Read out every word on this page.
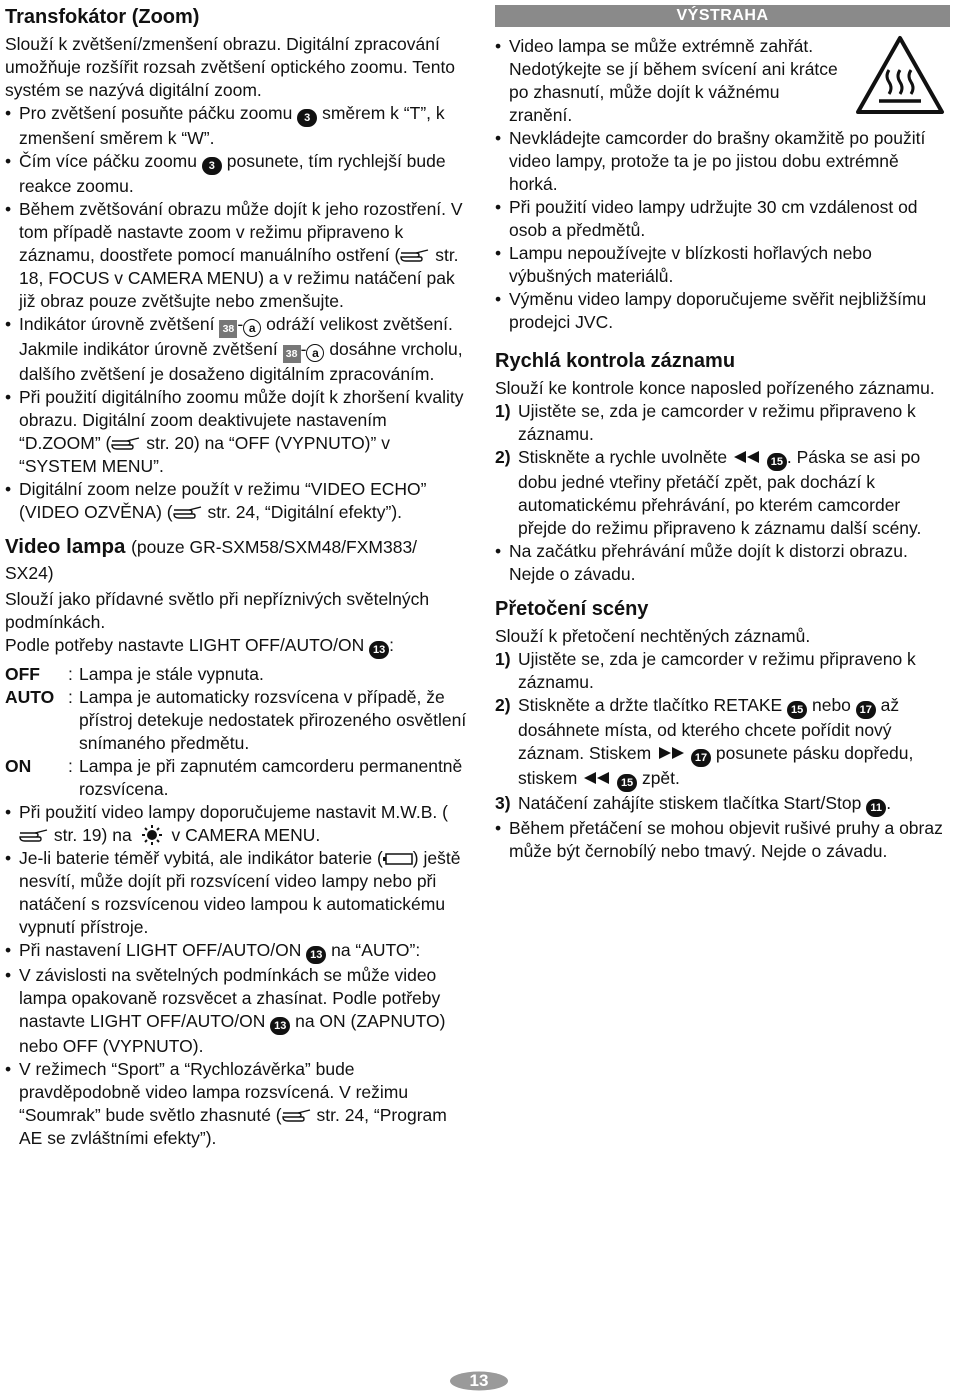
Transfokátor (Zoom)

Slouží k zvětšení/zmenšení obrazu. Digitální zpracování umožňuje rozšířit rozsah zvětšení optického zoomu. Tento systém se nazývá digitální zoom.

• Pro zvětšení posuňte páčku zoomu 3 směrem k “T”, k zmenšení směrem k “W”.
• Čím více páčku zoomu 3 posunete, tím rychlejší bude reakce zoomu.
• Během zvětšování obrazu může dojít k jeho rozostření. V tom případě nastavte zoom v režimu připraveno k záznamu, doostřete pomocí manuálního ostření ( str. 18, FOCUS v CAMERA MENU) a v režimu natáčení pak již obraz pouze zvětšujte nebo zmenšujte.
• Indikátor úrovně zvětšení 38 - a odráží velikost zvětšení. Jakmile indikátor úrovně zvětšení 38 - a dosáhne vrcholu, dalšího zvětšení je dosaženo digitálním zpracováním.
• Při použití digitálního zoomu může dojít k zhoršení kvality obrazu. Digitální zoom deaktivujete nastavením “D.ZOOM” ( str. 20) na “OFF (VYPNUTO)” v “SYSTEM MENU”.
• Digitální zoom nelze použít v režimu “VIDEO ECHO” (VIDEO OZVĚNA) ( str. 24, “Digitální efekty”).

Video lampa (pouze GR-SXM58/SXM48/FXM383/ SX24)

Slouží jako přídavné světlo při nepříznivých světelných podmínkách.

Podle potřeby nastavte LIGHT OFF/AUTO/ON 13 :

OFF : Lampa je stále vypnuta.
AUTO : Lampa je automaticky rozsvícena v případě, že přístroj detekuje nedostatek přirozeného osvětlení snímaného předmětu.
ON : Lampa je při zapnutém camcorderu permanentně rozsvícena.
• Při použití video lampy doporučujeme nastavit M.W.B. ( str. 19) na v CAMERA MENU.
• Je-li baterie téměř vybitá, ale indikátor baterie ( ) ještě nesvítí, může dojít při rozsvícení video lampy nebo při natáčení s rozsvícenou video lampou k automatickému vypnutí přístroje.
• Při nastavení LIGHT OFF/AUTO/ON 13 na “AUTO”:
• V závislosti na světelných podmínkách se může video lampa opakovaně rozsvěcet a zhasínat. Podle potřeby nastavte LIGHT OFF/AUTO/ON 13 na ON (ZAPNUTO) nebo OFF (VYPNUTO).
• V režimech “Sport” a “Rychlozávěrka” bude pravděpodobně video lampa rozsvícená. V režimu “Soumrak” bude světlo zhasnuté ( str. 24, “Program AE se zvláštními efekty”).
VÝSTRAHA
• Video lampa se může extrémně zahřát. Nedotýkejte se jí během svícení ani krátce po zhasnutí, může dojít k vážnému zranění.
• Nevkládejte camcorder do brašny okamžitě po použití video lampy, protože ta je po jistou dobu extrémně horká.
• Při použití video lampy udržujte 30 cm vzdálenost od osob a předmětů.
• Lampu nepoužívejte v blízkosti hořlavých nebo výbušných materiálů.
• Výměnu video lampy doporučujeme svěřit nejbližšímu prodejci JVC.

Rychlá kontrola záznamu

Slouží ke kontrole konce naposled pořízeného záznamu.

1) Ujistěte se, zda je camcorder v režimu připraveno k záznamu.
2) Stiskněte a rychle uvolněte	15 . Páska se asi po dobu jedné vteřiny přetáčí zpět, pak dochází k automatickému přehrávání, po kterém camcorder přejde do režimu připraveno k záznamu další scény.
• Na začátku přehrávání může dojít k distorzi obrazu. Nejde o závadu.

Přetočení scény

Slouží k přetočení nechtěných záznamů.

1) Ujistěte se, zda je camcorder v režimu připraveno k záznamu.
2) Stiskněte a držte tlačítko RETAKE 15 nebo 17 až dosáhnete místa, od kterého chcete pořídit nový záznam. Stiskem	17 posunete pásku dopředu, stiskem	15 zpět.
3) Natáčení zahájíte stiskem tlačítka Start/Stop 11 .
• Během přetáčení se mohou objevit rušivé pruhy a obraz může být černobílý nebo tmavý. Nejde o závadu.
13
